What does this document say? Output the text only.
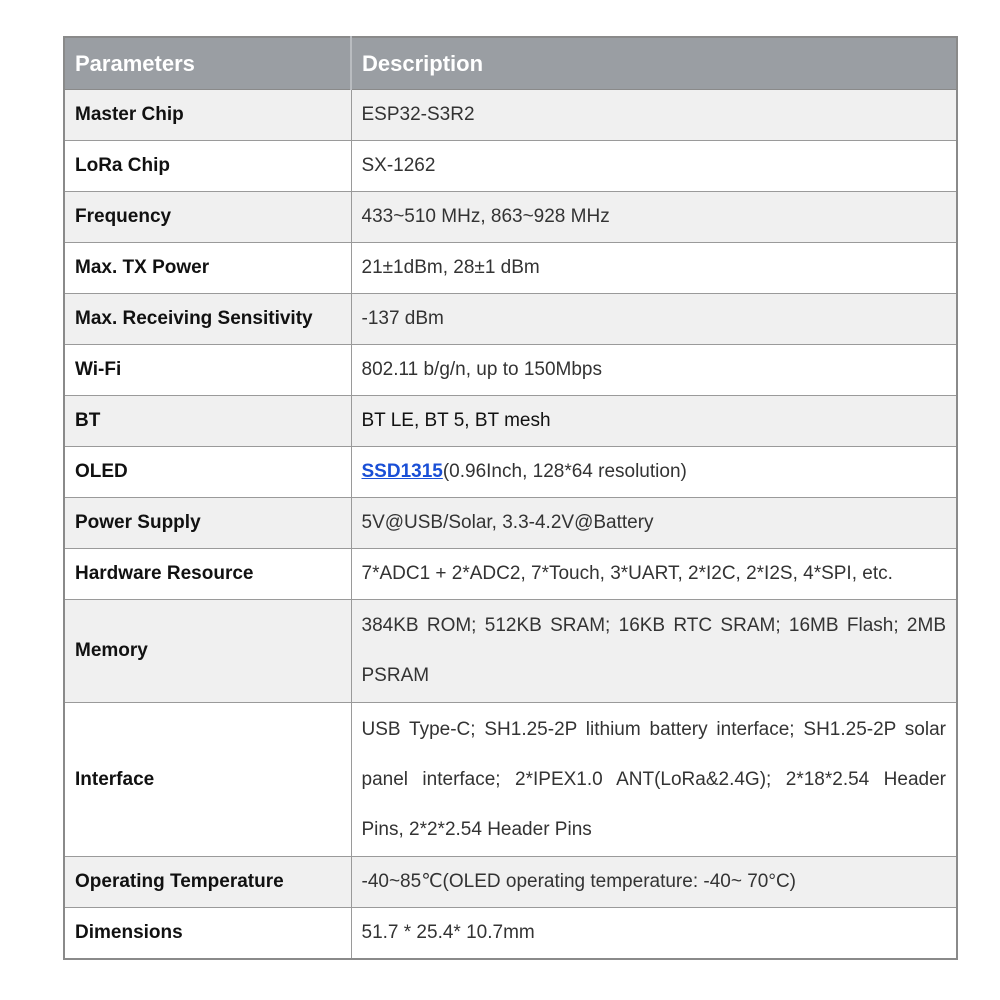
Parameters	Description
Master Chip	ESP32-S3R2
LoRa Chip	SX-1262
Frequency	433~510 MHz, 863~928 MHz
Max. TX Power	21±1dBm, 28±1 dBm
Max. Receiving Sensitivity	-137 dBm
Wi-Fi	802.11 b/g/n, up to 150Mbps
BT	BT LE, BT 5, BT mesh
OLED	SSD1315(0.96Inch, 128*64 resolution)
Power Supply	5V@USB/Solar, 3.3-4.2V@Battery
Hardware Resource	7*ADC1 + 2*ADC2, 7*Touch, 3*UART, 2*I2C, 2*I2S, 4*SPI, etc.
Memory	384KB ROM; 512KB SRAM; 16KB RTC SRAM; 16MB Flash; 2MB PSRAM
Interface	USB Type-C; SH1.25-2P lithium battery interface; SH1.25-2P solar panel interface; 2*IPEX1.0 ANT(LoRa&2.4G); 2*18*2.54 Header Pins, 2*2*2.54 Header Pins
Operating Temperature	-40~85℃(OLED operating temperature: -40~ 70°C)
Dimensions	51.7 * 25.4* 10.7mm
